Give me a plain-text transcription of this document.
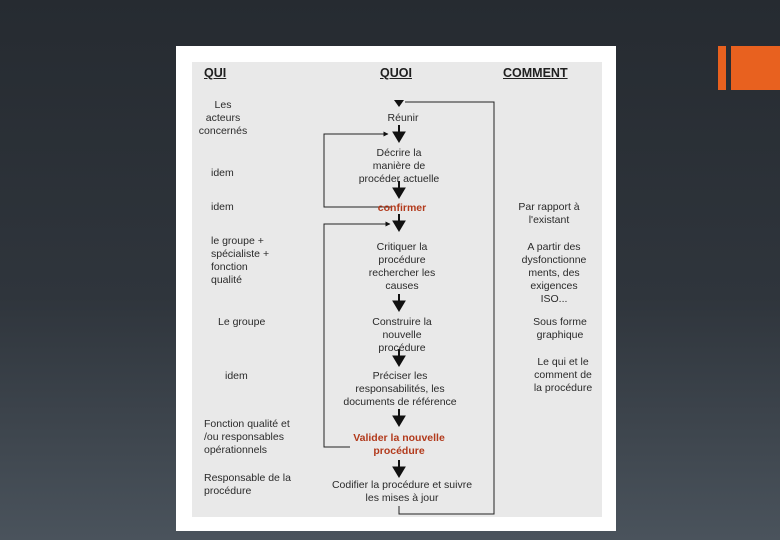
QUI	QUOI	COMMENT
Les
acteurs
concernés
idem
idem
le groupe +
spécialiste +
fonction
qualité
Le groupe
idem
Fonction qualité et
/ou responsables
opérationnels
Responsable de la
procédure
Réunir
Décrire la
manière de
procéder actuelle
confirmer
Critiquer la
procédure
rechercher les
causes
Construire la
nouvelle
procédure
Préciser les
responsabilités, les
documents de référence
Valider la nouvelle
procédure
Codifier la procédure et suivre
les mises à jour
Par rapport à
l'existant
A partir des
dysfonctionne
ments, des
exigences
ISO...
Sous forme
graphique
Le qui et le
comment de
la procédure
